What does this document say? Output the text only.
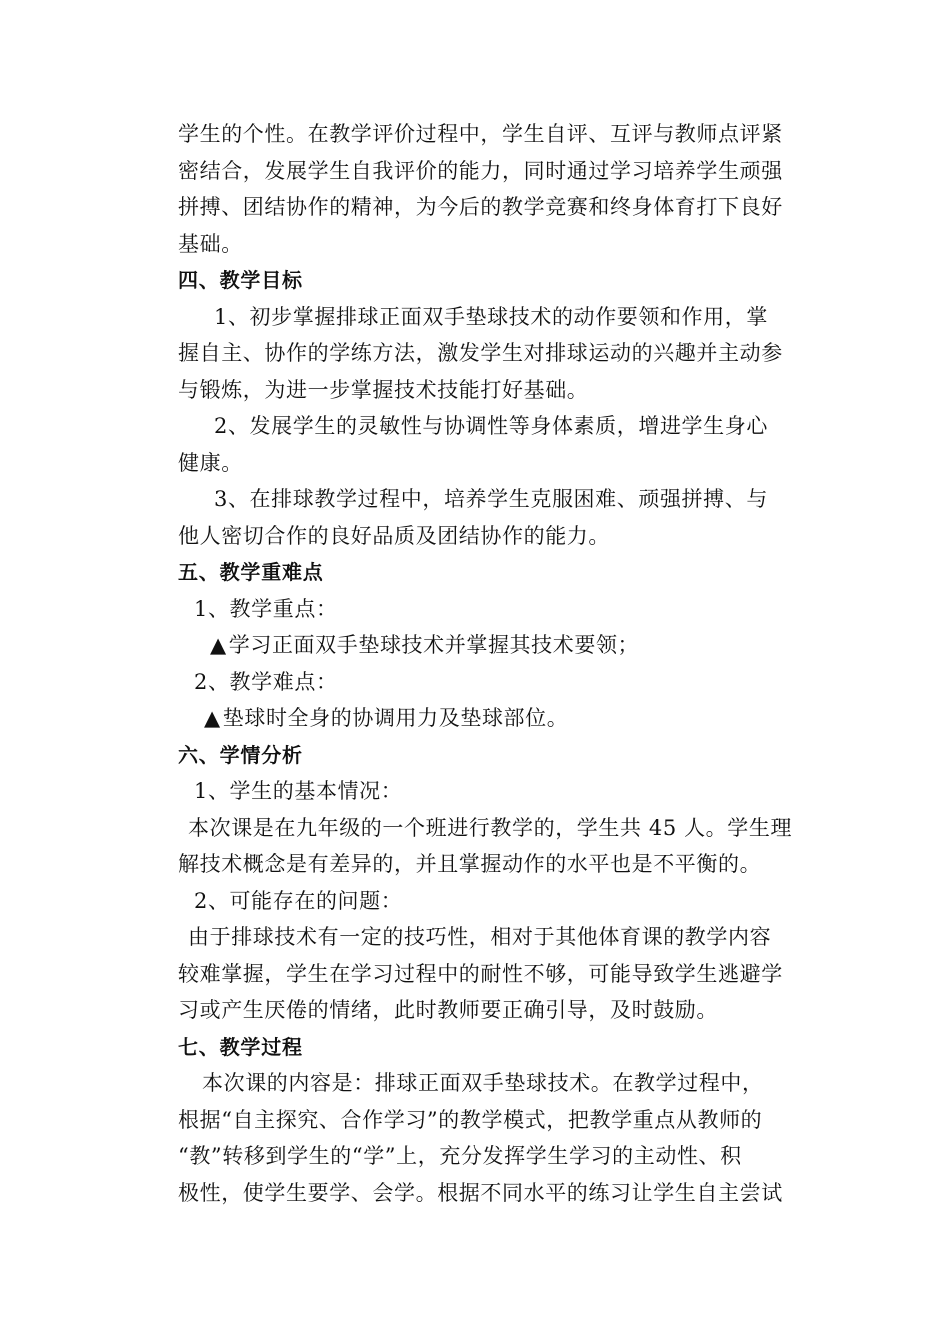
学生的个性。在教学评价过程中，学生自评、互评与教师点评紧
密结合，发展学生自我评价的能力，同时通过学习培养学生顽强
拼搏、团结协作的精神，为今后的教学竞赛和终身体育打下良好
基础。
四、教学目标
1、初步掌握排球正面双手垫球技术的动作要领和作用，掌
握自主、协作的学练方法，激发学生对排球运动的兴趣并主动参
与锻炼，为进一步掌握技术技能打好基础。
2、发展学生的灵敏性与协调性等身体素质，增进学生身心
健康。
3、在排球教学过程中，培养学生克服困难、顽强拼搏、与
他人密切合作的良好品质及团结协作的能力。
五、教学重难点
1、教学重点：
▲学习正面双手垫球技术并掌握其技术要领；
2、教学难点：
▲垫球时全身的协调用力及垫球部位。
六、学情分析
1、学生的基本情况：
本次课是在九年级的一个班进行教学的，学生共 45 人。学生理
解技术概念是有差异的，并且掌握动作的水平也是不平衡的。
2、可能存在的问题：
由于排球技术有一定的技巧性，相对于其他体育课的教学内容
较难掌握，学生在学习过程中的耐性不够，可能导致学生逃避学
习或产生厌倦的情绪，此时教师要正确引导，及时鼓励。
七、教学过程
本次课的内容是：排球正面双手垫球技术。在教学过程中，
根据“自主探究、合作学习”的教学模式，把教学重点从教师的
“教”转移到学生的“学”上，充分发挥学生学习的主动性、积
极性，使学生要学、会学。根据不同水平的练习让学生自主尝试
